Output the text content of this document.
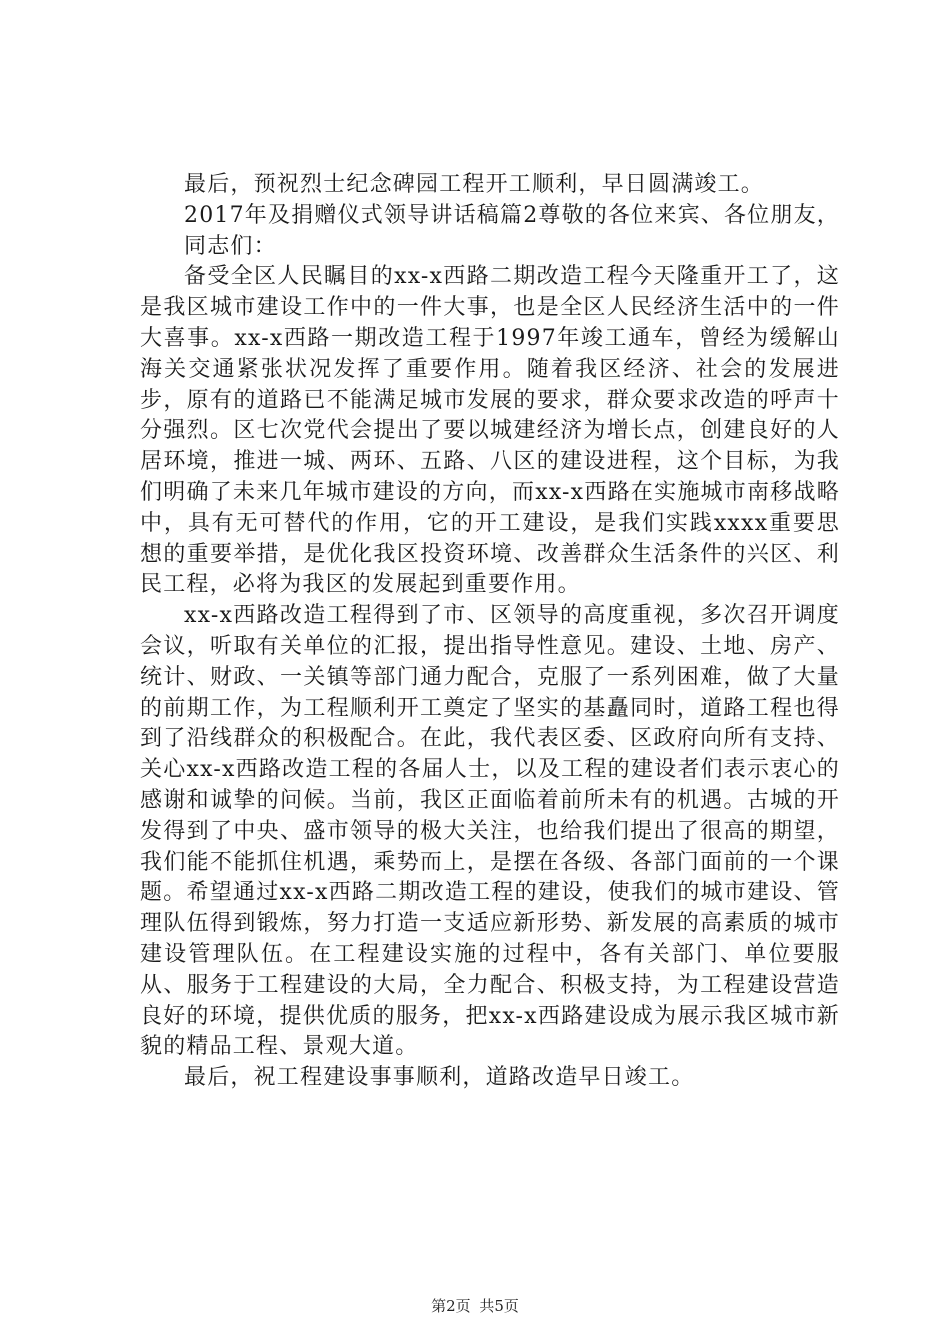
最后，预祝烈士纪念碑园工程开工顺利，早日圆满竣工。

2017年及捐赠仪式领导讲话稿篇2尊敬的各位来宾、各位朋友，

同志们：

备受全区人民瞩目的xx-x西路二期改造工程今天隆重开工了，这是我区城市建设工作中的一件大事，也是全区人民经济生活中的一件大喜事。xx-x西路一期改造工程于1997年竣工通车，曾经为缓解山海关交通紧张状况发挥了重要作用。随着我区经济、社会的发展进步，原有的道路已不能满足城市发展的要求，群众要求改造的呼声十分强烈。区七次党代会提出了要以城建经济为增长点，创建良好的人居环境，推进一城、两环、五路、八区的建设进程，这个目标，为我们明确了未来几年城市建设的方向，而xx-x西路在实施城市南移战略中，具有无可替代的作用，它的开工建设，是我们实践xxxx重要思想的重要举措，是优化我区投资环境、改善群众生活条件的兴区、利民工程，必将为我区的发展起到重要作用。

xx-x西路改造工程得到了市、区领导的高度重视，多次召开调度会议，听取有关单位的汇报，提出指导性意见。建设、土地、房产、统计、财政、一关镇等部门通力配合，克服了一系列困难，做了大量的前期工作，为工程顺利开工奠定了坚实的基矗同时，道路工程也得到了沿线群众的积极配合。在此，我代表区委、区政府向所有支持、关心xx-x西路改造工程的各届人士，以及工程的建设者们表示衷心的感谢和诚挚的问候。当前，我区正面临着前所未有的机遇。古城的开发得到了中央、盛市领导的极大关注，也给我们提出了很高的期望，我们能不能抓住机遇，乘势而上，是摆在各级、各部门面前的一个课题。希望通过xx-x西路二期改造工程的建设，使我们的城市建设、管理队伍得到锻炼，努力打造一支适应新形势、新发展的高素质的城市建设管理队伍。在工程建设实施的过程中，各有关部门、单位要服从、服务于工程建设的大局，全力配合、积极支持，为工程建设营造良好的环境，提供优质的服务，把xx-x西路建设成为展示我区城市新貌的精品工程、景观大道。

最后，祝工程建设事事顺利，道路改造早日竣工。

第2页 共5页
